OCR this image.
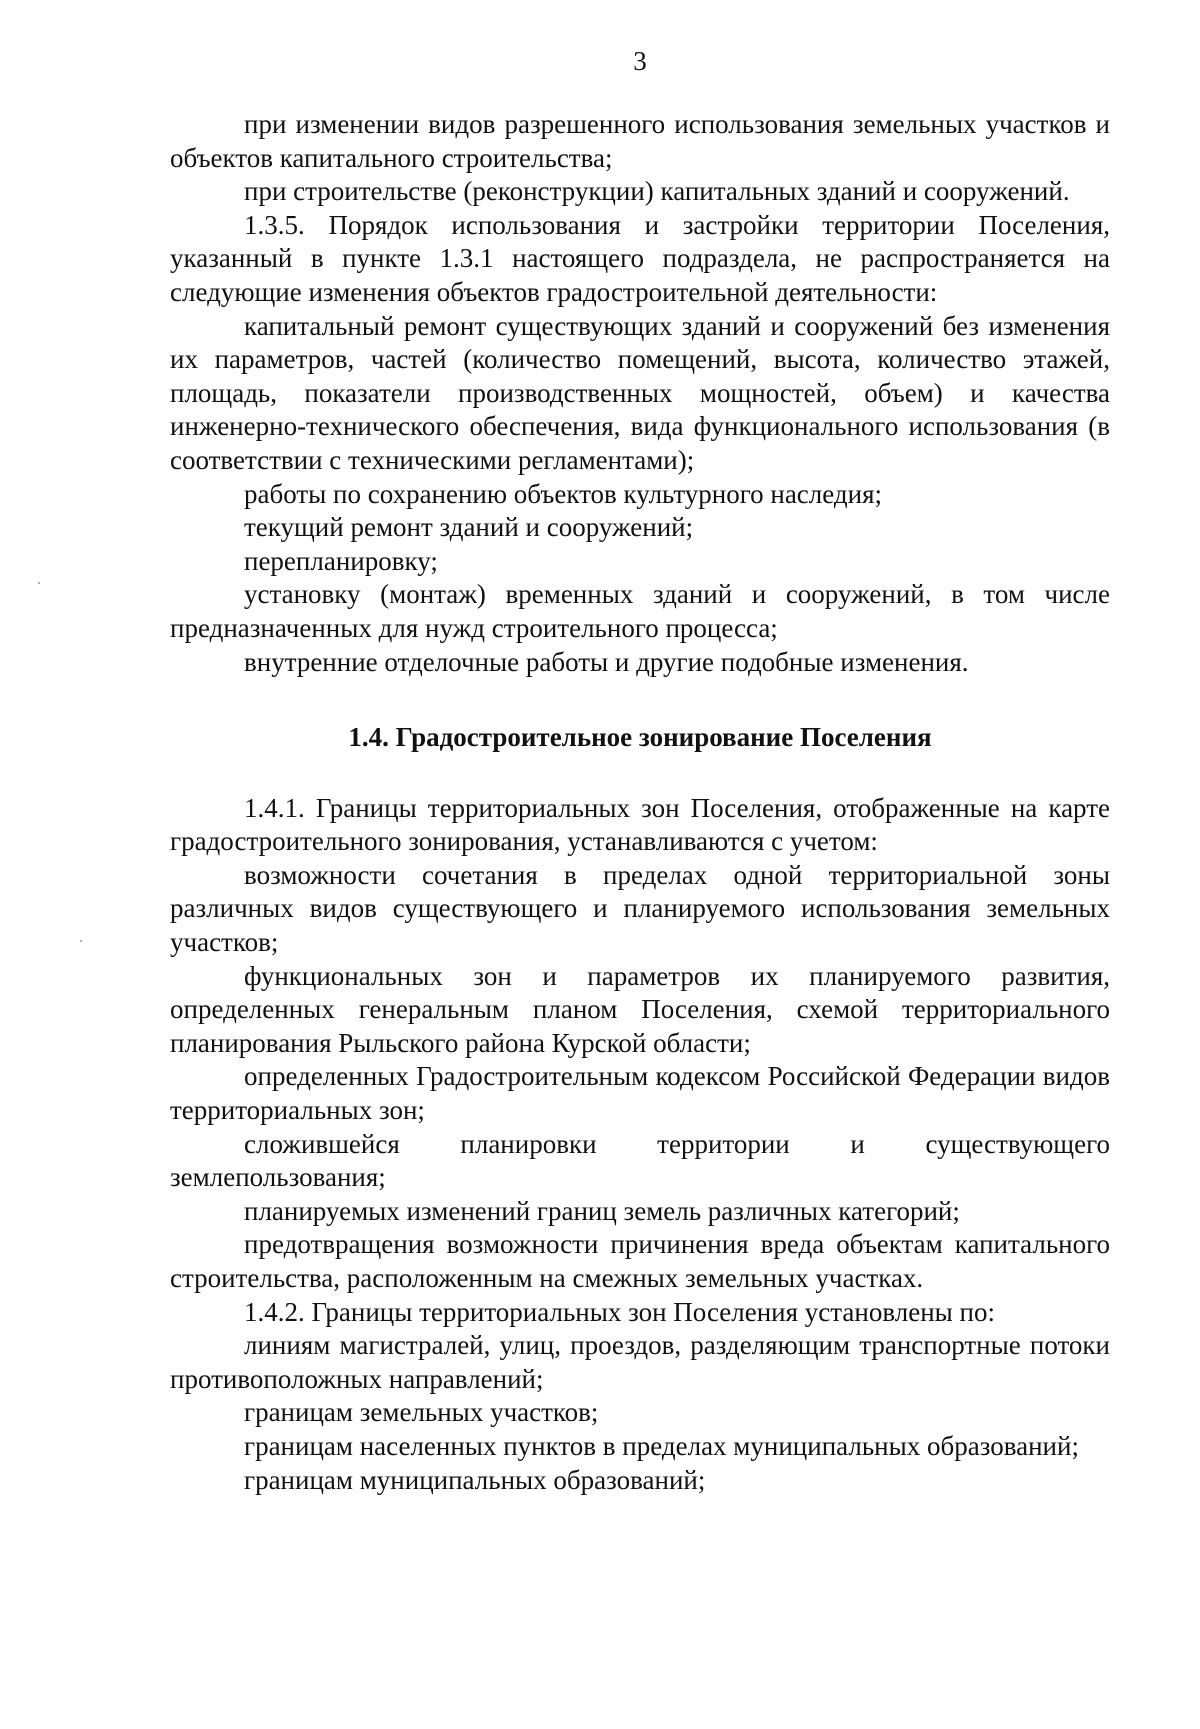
3

при изменении видов разрешенного использования земельных участков и объектов капитального строительства;

при строительстве (реконструкции) капитальных зданий и сооружений.

1.3.5. Порядок использования и застройки территории Поселения, указанный в пункте 1.3.1 настоящего подраздела, не распространяется на следующие изменения объектов градостроительной деятельности:

капитальный ремонт существующих зданий и сооружений без изменения их параметров, частей (количество помещений, высота, количество этажей, площадь, показатели производственных мощностей, объем) и качества инженерно-технического обеспечения, вида функционального использования (в соответствии с техническими регламентами);

работы по сохранению объектов культурного наследия;

текущий ремонт зданий и сооружений;

перепланировку;

установку (монтаж) временных зданий и сооружений, в том числе предназначенных для нужд строительного процесса;

внутренние отделочные работы и другие подобные изменения.

1.4. Градостроительное зонирование Поселения

1.4.1. Границы территориальных зон Поселения, отображенные на карте градостроительного зонирования, устанавливаются с учетом:

возможности сочетания в пределах одной территориальной зоны различных видов существующего и планируемого использования земельных участков;

функциональных зон и параметров их планируемого развития, определенных генеральным планом Поселения, схемой территориального планирования Рыльского района Курской области;

определенных Градостроительным кодексом Российской Федерации видов территориальных зон;

сложившейся планировки территории и существующего землепользования;

планируемых изменений границ земель различных категорий;

предотвращения возможности причинения вреда объектам капитального строительства, расположенным на смежных земельных участках.

1.4.2. Границы территориальных зон Поселения установлены по:

линиям магистралей, улиц, проездов, разделяющим транспортные потоки противоположных направлений;

границам земельных участков;

границам населенных пунктов в пределах муниципальных образований;

границам муниципальных образований;
